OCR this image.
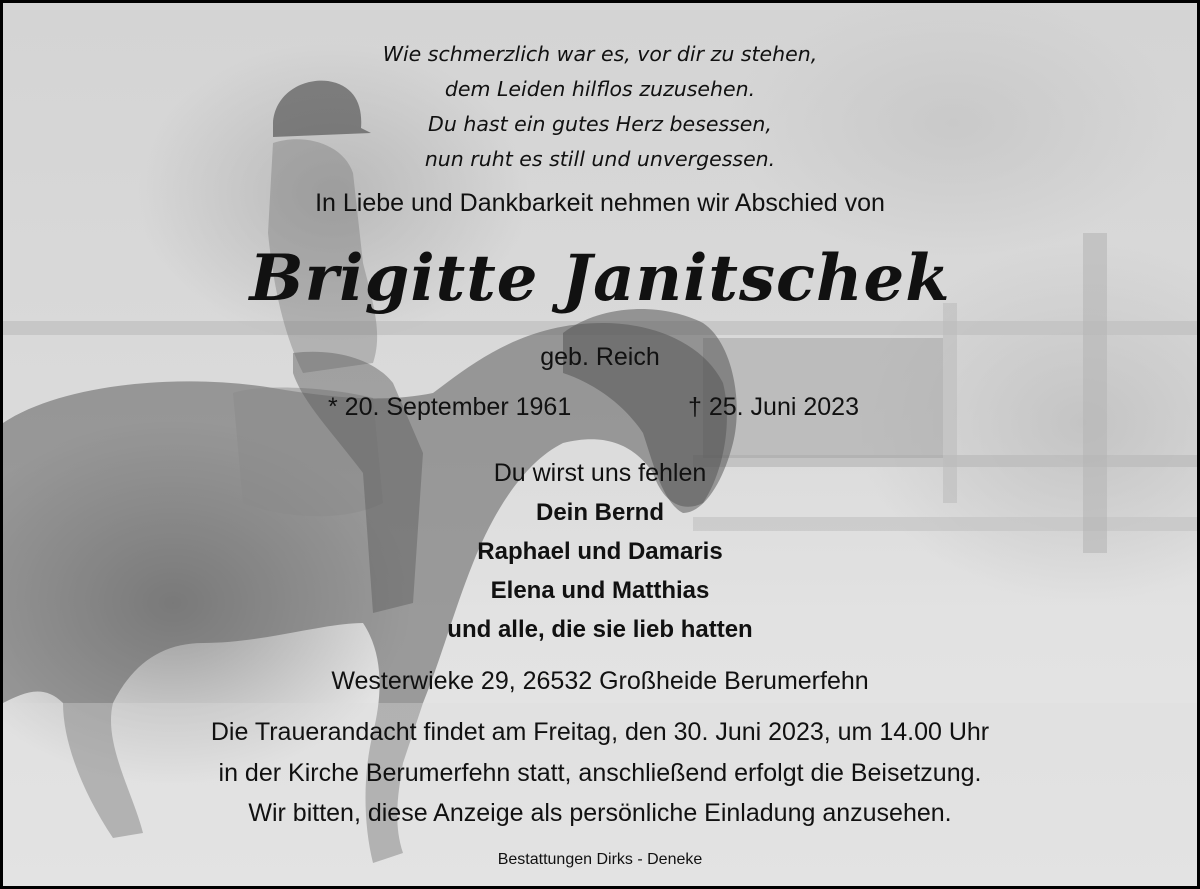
Wie schmerzlich war es, vor dir zu stehen,
dem Leiden hilflos zuzusehen.
Du hast ein gutes Herz besessen,
nun ruht es still und unvergessen.
In Liebe und Dankbarkeit nehmen wir Abschied von
Brigitte Janitschek
geb. Reich
* 20. September 1961	† 25. Juni 2023
Du wirst uns fehlen
Dein Bernd
Raphael und Damaris
Elena und Matthias
und alle, die sie lieb hatten
Westerwieke 29, 26532 Großheide Berumerfehn
Die Trauerandacht findet am Freitag, den 30. Juni 2023, um 14.00 Uhr
in der Kirche Berumerfehn statt, anschließend erfolgt die Beisetzung.
Wir bitten, diese Anzeige als persönliche Einladung anzusehen.
Bestattungen Dirks - Deneke
